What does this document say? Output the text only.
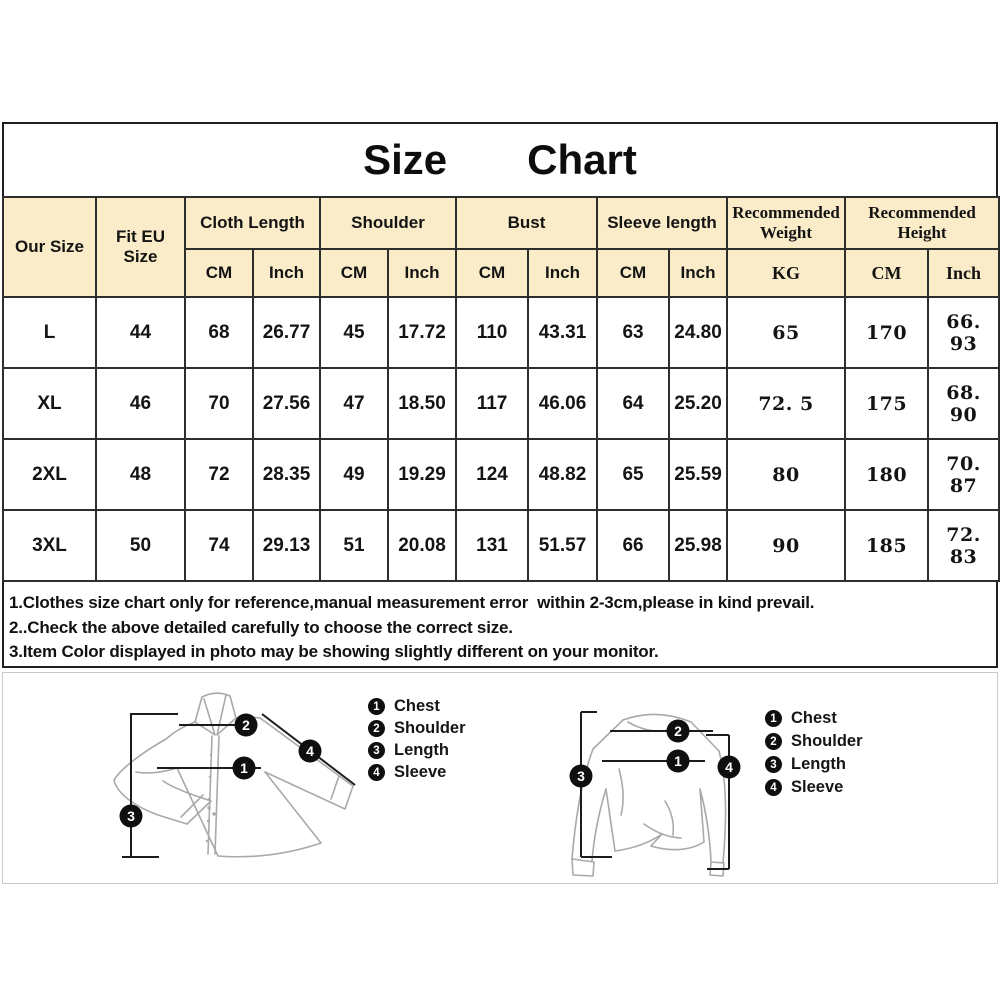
Size Chart
Our Size	Fit EU Size	Cloth Length		Shoulder		Bust		Sleeve length		Recommended Weight	Recommended Height	
		CM	Inch	CM	Inch	CM	Inch	CM	Inch	KG	CM	Inch
L	44	68	26.77	45	17.72	110	43.31	63	24.80	65	170	66. 93
XL	46	70	27.56	47	18.50	117	46.06	64	25.20	72. 5	175	68. 90
2XL	48	72	28.35	49	19.29	124	48.82	65	25.59	80	180	70. 87
3XL	50	74	29.13	51	20.08	131	51.57	66	25.98	90	185	72. 83

1.Clothes size chart only for reference,manual measurement error  within 2-3cm,please in kind prevail.

2..Check the above detailed carefully to choose the correct size.

3.Item Color displayed in photo may be showing slightly different on your monitor.

2
1
4
3
2
1
3
4
1 Chest
2 Shoulder
3 Length
4 Sleeve
1 Chest
2 Shoulder
3 Length
4 Sleeve
